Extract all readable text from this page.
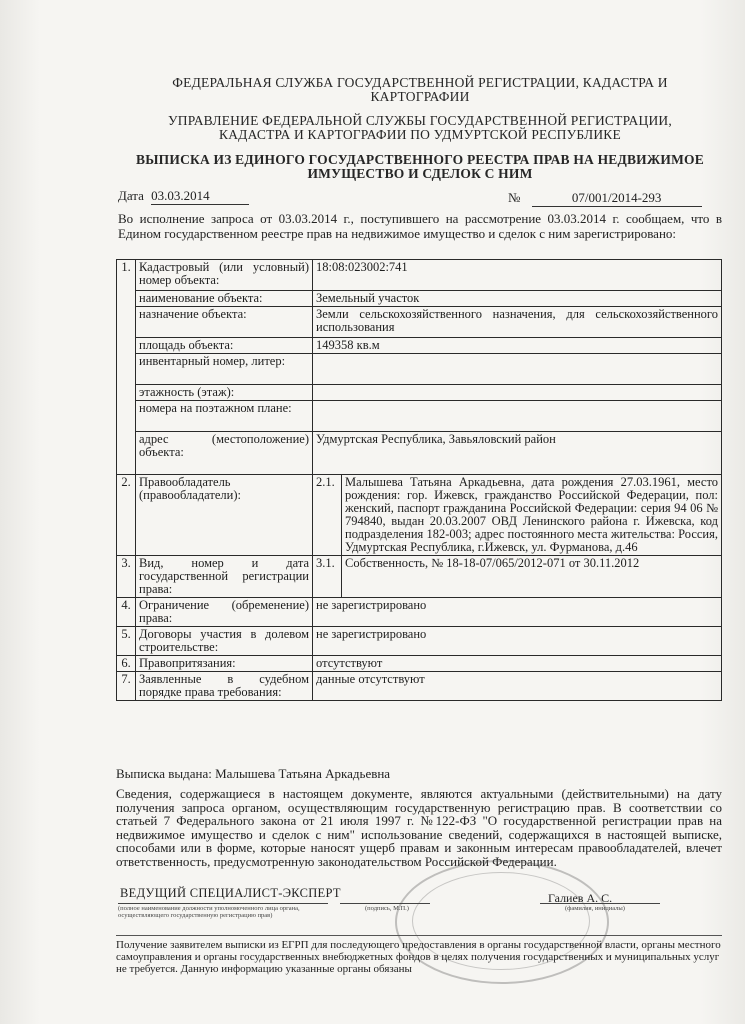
ФЕДЕРАЛЬНАЯ СЛУЖБА ГОСУДАРСТВЕННОЙ РЕГИСТРАЦИИ, КАДАСТРА И
КАРТОГРАФИИ
УПРАВЛЕНИЕ ФЕДЕРАЛЬНОЙ СЛУЖБЫ ГОСУДАРСТВЕННОЙ РЕГИСТРАЦИИ,
КАДАСТРА И КАРТОГРАФИИ ПО УДМУРТСКОЙ РЕСПУБЛИКЕ
ВЫПИСКА ИЗ ЕДИНОГО ГОСУДАРСТВЕННОГО РЕЕСТРА ПРАВ НА НЕДВИЖИМОЕ
ИМУЩЕСТВО И СДЕЛОК С НИМ
Дата 03.03.2014	№	07/001/2014-293
Во исполнение запроса от 03.03.2014 г., поступившего на рассмотрение 03.03.2014 г. сообщаем, что в Едином государственном реестре прав на недвижимое имущество и сделок с ним зарегистрировано:
1.	Кадастровый (или условный) номер объекта:	18:08:023002:741	
	наименование объекта:	Земельный участок	
	назначение объекта:	Земли сельскохозяйственного назначения, для сельскохозяйственного использования	
	площадь объекта:	149358 кв.м	
	инвентарный номер, литер:		
	этажность (этаж):		
	номера на поэтажном плане:		
	адрес (местоположение) объекта:	Удмуртская Республика, Завьяловский район	
2.	Правообладатель (правообладатели):	2.1.	Малышева Татьяна Аркадьевна, дата рождения 27.03.1961, место рождения: гор. Ижевск, гражданство Российской Федерации, пол: женский, паспорт гражданина Российской Федерации: серия 94 06 № 794840, выдан 20.03.2007 ОВД Ленинского района г. Ижевска, код подразделения 182-003; адрес постоянного места жительства: Россия, Удмуртская Республика, г.Ижевск, ул. Фурманова, д.46
3.	Вид, номер и дата государственной регистрации права:	3.1.	Собственность, № 18-18-07/065/2012-071 от 30.11.2012
4.	Ограничение (обременение) права:	не зарегистрировано	
5.	Договоры участия в долевом строительстве:	не зарегистрировано	
6.	Правопритязания:	отсутствуют	
7.	Заявленные в судебном порядке права требования:	данные отсутствуют	
Выписка выдана: Малышева Татьяна Аркадьевна
Сведения, содержащиеся в настоящем документе, являются актуальными (действительными) на дату получения запроса органом, осуществляющим государственную регистрацию прав. В соответствии со статьей 7 Федерального закона от 21 июля 1997 г. №122-ФЗ "О государственной регистрации прав на недвижимое имущество и сделок с ним" использование сведений, содержащихся в настоящей выписке, способами или в форме, которые наносят ущерб правам и законным интересам правообладателей, влечет ответственность, предусмотренную законодательством Российской Федерации.
ВЕДУЩИЙ СПЕЦИАЛИСТ-ЭКСПЕРТ
(полное наименование должности уполномоченного лица органа, осуществляющего государственную регистрацию прав)
(подпись, М.П.)
Галиев А. С.
(фамилия, инициалы)
Получение заявителем выписки из ЕГРП для последующего предоставления в органы государственной власти, органы местного самоуправления и органы государственных внебюджетных фондов в целях получения государственных и муниципальных услуг не требуется. Данную информацию указанные органы обязаны
